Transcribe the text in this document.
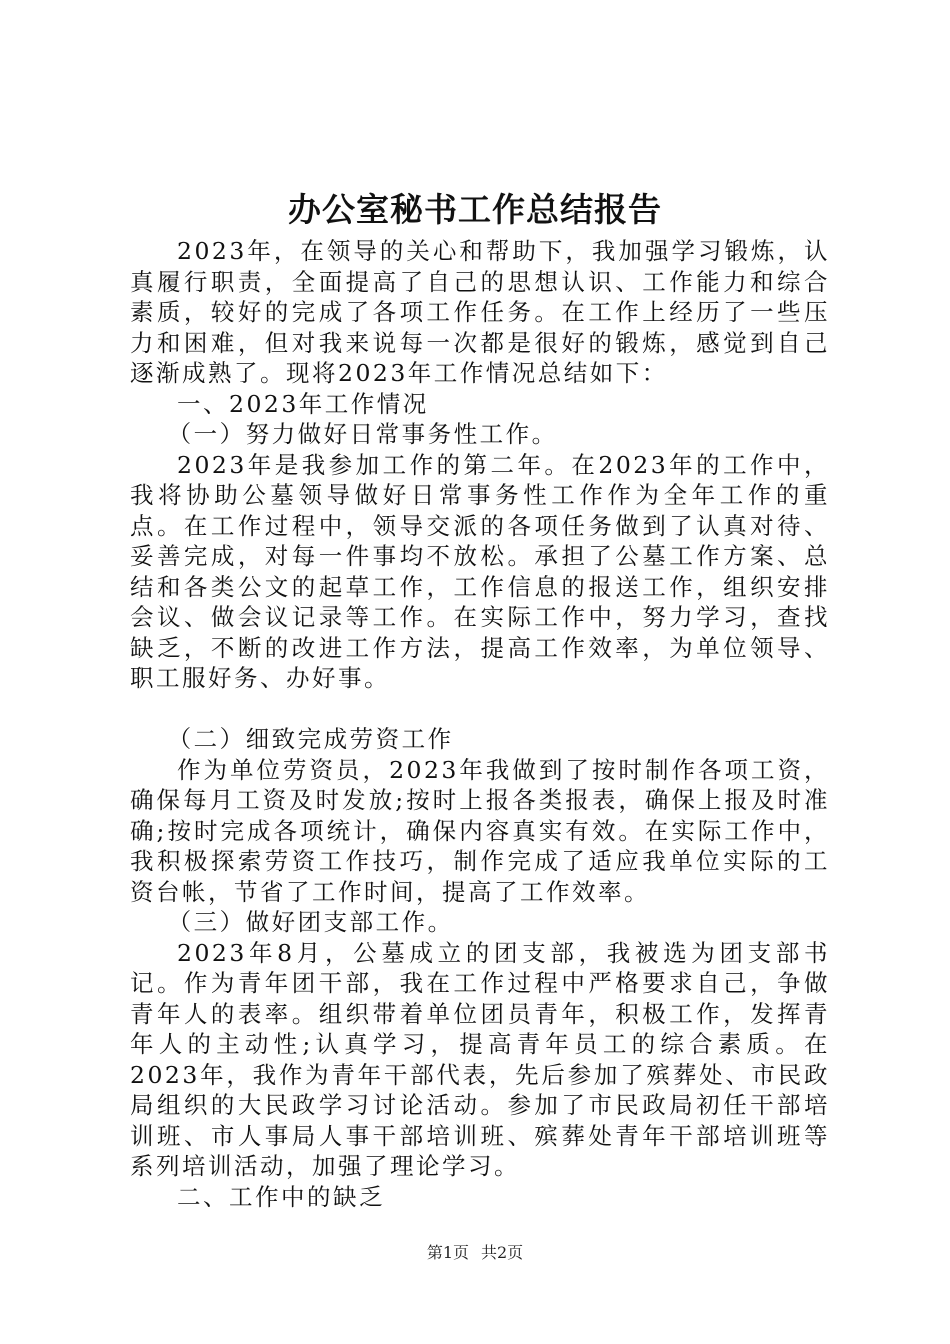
办公室秘书工作总结报告

2023年，在领导的关心和帮助下，我加强学习锻炼，认真履行职责，全面提高了自己的思想认识、工作能力和综合素质，较好的完成了各项工作任务。在工作上经历了一些压力和困难，但对我来说每一次都是很好的锻炼，感觉到自己逐渐成熟了。现将2023年工作情况总结如下：

一、2023年工作情况

（一）努力做好日常事务性工作。

2023年是我参加工作的第二年。在2023年的工作中，我将协助公墓领导做好日常事务性工作作为全年工作的重点。在工作过程中，领导交派的各项任务做到了认真对待、妥善完成，对每一件事均不放松。承担了公墓工作方案、总结和各类公文的起草工作，工作信息的报送工作，组织安排会议、做会议记录等工作。在实际工作中，努力学习，查找缺乏，不断的改进工作方法，提高工作效率，为单位领导、职工服好务、办好事。

（二）细致完成劳资工作

作为单位劳资员，2023年我做到了按时制作各项工资，确保每月工资及时发放;按时上报各类报表，确保上报及时准确;按时完成各项统计，确保内容真实有效。在实际工作中，我积极探索劳资工作技巧，制作完成了适应我单位实际的工资台帐，节省了工作时间，提高了工作效率。

（三）做好团支部工作。

2023年8月，公墓成立的团支部，我被选为团支部书记。作为青年团干部，我在工作过程中严格要求自己，争做青年人的表率。组织带着单位团员青年，积极工作，发挥青年人的主动性;认真学习，提高青年员工的综合素质。在2023年，我作为青年干部代表，先后参加了殡葬处、市民政局组织的大民政学习讨论活动。参加了市民政局初任干部培训班、市人事局人事干部培训班、殡葬处青年干部培训班等系列培训活动，加强了理论学习。

二、工作中的缺乏

第1页 共2页
